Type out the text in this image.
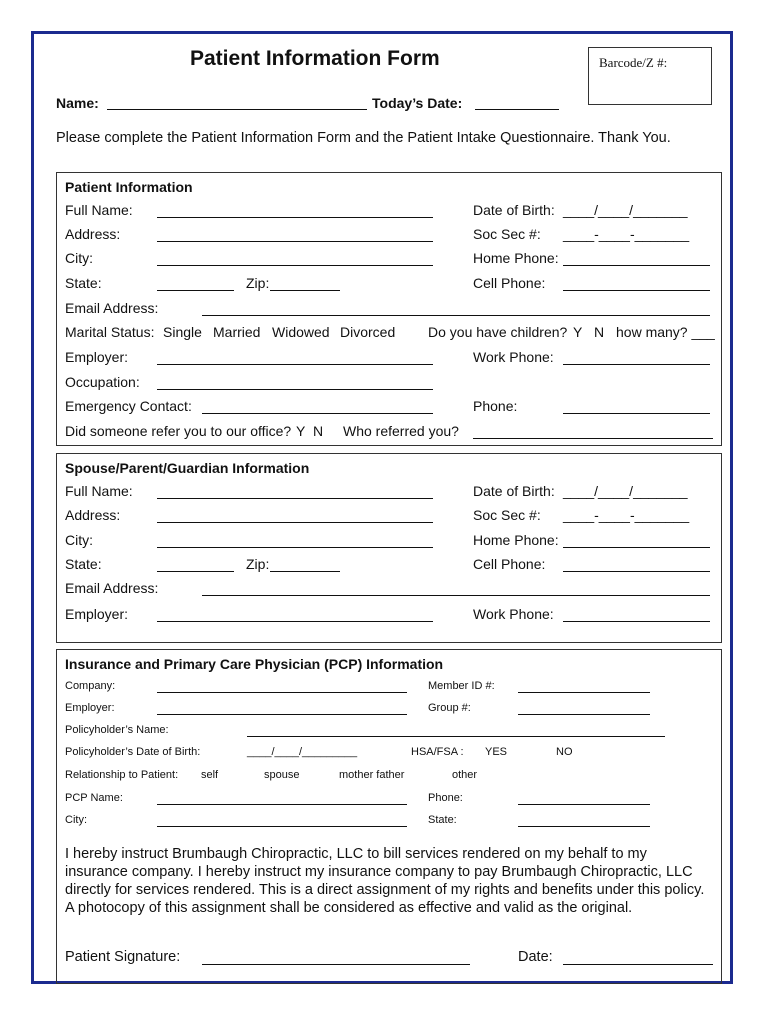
Patient Information Form	Barcode/Z #:
Name:	Today’s Date:
Please complete the Patient Information Form and the Patient Intake Questionnaire. Thank You.
Patient Information
Full Name:	Date of Birth: ____/____/_______
Address:	Soc Sec #: ____-____-_______
City:	Home Phone:
State:	Zip:	Cell Phone:
Email Address:
Marital Status: Single Married Widowed Divorced Do you have children? Y N how many? ___
Employer:	Work Phone:
Occupation:
Emergency Contact:	Phone:
Did someone refer you to our office? Y N Who referred you?
Spouse/Parent/Guardian Information
Full Name:	Date of Birth: ____/____/_______
Address:	Soc Sec #: ____-____-_______
City:	Home Phone:
State:	Zip:	Cell Phone:
Email Address:
Employer:	Work Phone:
Insurance and Primary Care Physician (PCP) Information
Company:	Member ID #:
Employer:	Group #:
Policyholder’s Name:
Policyholder’s Date of Birth:	____/____/_________	HSA/FSA : YES	NO
Relationship to Patient: self	spouse	mother father	other
PCP Name:	Phone:
City:	State:
I hereby instruct Brumbaugh Chiropractic, LLC to bill services rendered on my behalf to my insurance company. I hereby instruct my insurance company to pay Brumbaugh Chiropractic, LLC directly for services rendered. This is a direct assignment of my rights and benefits under this policy. A photocopy of this assignment shall be considered as effective and valid as the original.
Patient Signature:	Date:
